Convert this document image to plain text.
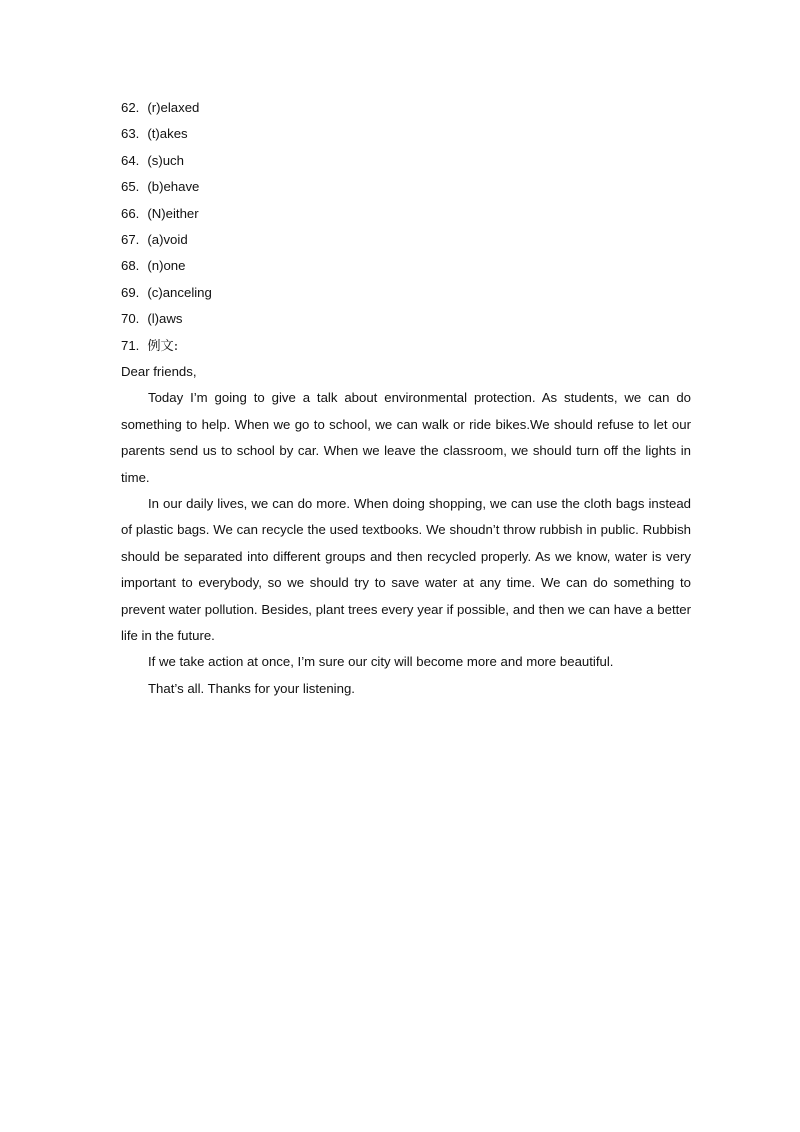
62. (r)elaxed
63. (t)akes
64. (s)uch
65. (b)ehave
66. (N)either
67. (a)void
68. (n)one
69. (c)anceling
70. (l)aws
71. 例文:
Dear friends,

Today I’m going to give a talk about environmental protection. As students, we can do something to help. When we go to school, we can walk or ride bikes.We should refuse to let our parents send us to school by car. When we leave the classroom, we should turn off the lights in time.

In our daily lives, we can do more. When doing shopping, we can use the cloth bags instead of plastic bags. We can recycle the used textbooks. We shoudn’t throw rubbish in public. Rubbish should be separated into different groups and then recycled properly. As we know, water is very important to everybody, so we should try to save water at any time. We can do something to prevent water pollution. Besides, plant trees every year if possible, and then we can have a better life in the future.

If we take action at once, I’m sure our city will become more and more beautiful.

That’s all. Thanks for your listening.
